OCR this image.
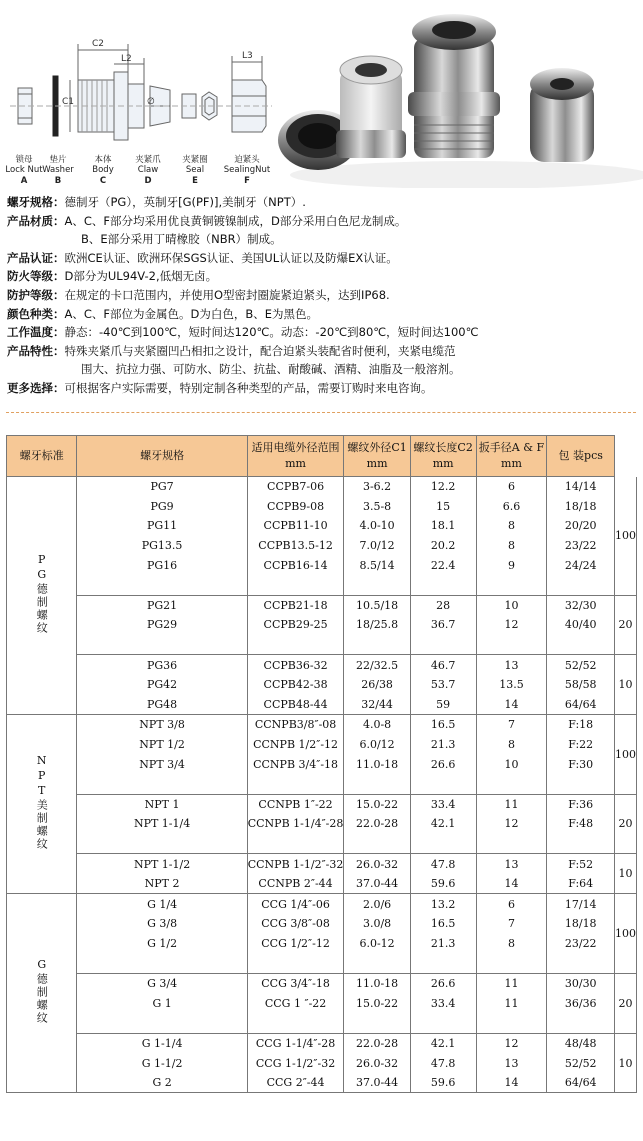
C2
L2
C1	∅
L3
锁母
Lock Nut
A
垫片
Washer
B
本体
Body
C
夹紧爪
Claw
D
夹紧圈
Seal
E
迫紧头
SealingNut
F
螺牙规格：德制牙（PG），英制牙[G(PF)],美制牙（NPT）.
产品材质：A、C、F部分均采用优良黄铜镀镍制成，D部分采用白色尼龙制成。
B、E部分采用丁晴橡胶（NBR）制成。
产品认证：欧洲CE认证、欧洲环保SGS认证、美国UL认证以及防爆EX认证。
防火等级：D部分为UL94V-2,低烟无卤。
防护等级：在规定的卡口范围内，并使用O型密封圈旋紧迫紧头，达到IP68.
颜色种类：A、C、F部位为金属色。D为白色，B、E为黑色。
工作温度：静态：-40℃到100℃，短时间达120℃。动态：-20℃到80℃，短时间达100℃
产品特性：特殊夹紧爪与夹紧圈凹凸相扣之设计，配合迫紧头装配省时便利，夹紧电缆范
围大、抗拉力强、可防水、防尘、抗盐、耐酸碱、酒精、油脂及一般溶剂。
更多选择：可根据客户实际需要，特别定制各种类型的产品，需要订购时来电咨询。
螺牙标准	螺牙规格	适用电缆外径范围mm	螺纹外径C1 mm	螺纹长度C2 mm	扳手径A & F mm	包 装pcs	
PG德制螺纹	PG7	CCPB7-06	3-6.2	12.2	6	14/14	100
	PG9	CCPB9-08	3.5-8	15	6.6	18/18	
	PG11	CCPB11-10	4.0-10	18.1	8	20/20	
	PG13.5	CCPB13.5-12	7.0/12	20.2	8	23/22	
	PG16	CCPB16-14	8.5/14	22.4	9	24/24	

	PG21	CCPB21-18	10.5/18	28	10	32/30	20
	PG29	CCPB29-25	18/25.8	36.7	12	40/40	

	PG36	CCPB36-32	22/32.5	46.7	13	52/52	10
	PG42	CCPB42-38	26/38	53.7	13.5	58/58	
	PG48	CCPB48-44	32/44	59	14	64/64	
NPT美制螺纹	NPT 3/8	CCNPB3/8″-08	4.0-8	16.5	7	F:18	100
	NPT 1/2	CCNPB 1/2″-12	6.0/12	21.3	8	F:22	
	NPT 3/4	CCNPB 3/4″-18	11.0-18	26.6	10	F:30	

	NPT 1	CCNPB 1″-22	15.0-22	33.4	11	F:36	20
	NPT 1-1/4	CCNPB 1-1/4″-28	22.0-28	42.1	12	F:48	

	NPT 1-1/2	CCNPB 1-1/2″-32	26.0-32	47.8	13	F:52	10
	NPT 2	CCNPB 2″-44	37.0-44	59.6	14	F:64	
G德制螺纹	G 1/4	CCG 1/4″-06	2.0/6	13.2	6	17/14	100
	G 3/8	CCG 3/8″-08	3.0/8	16.5	7	18/18	
	G 1/2	CCG 1/2″-12	6.0-12	21.3	8	23/22	

	G 3/4	CCG 3/4″-18	11.0-18	26.6	11	30/30	20
	G 1	CCG 1 ″-22	15.0-22	33.4	11	36/36	

	G 1-1/4	CCG 1-1/4″-28	22.0-28	42.1	12	48/48	10
	G 1-1/2	CCG 1-1/2″-32	26.0-32	47.8	13	52/52	
	G 2	CCG 2″-44	37.0-44	59.6	14	64/64	
